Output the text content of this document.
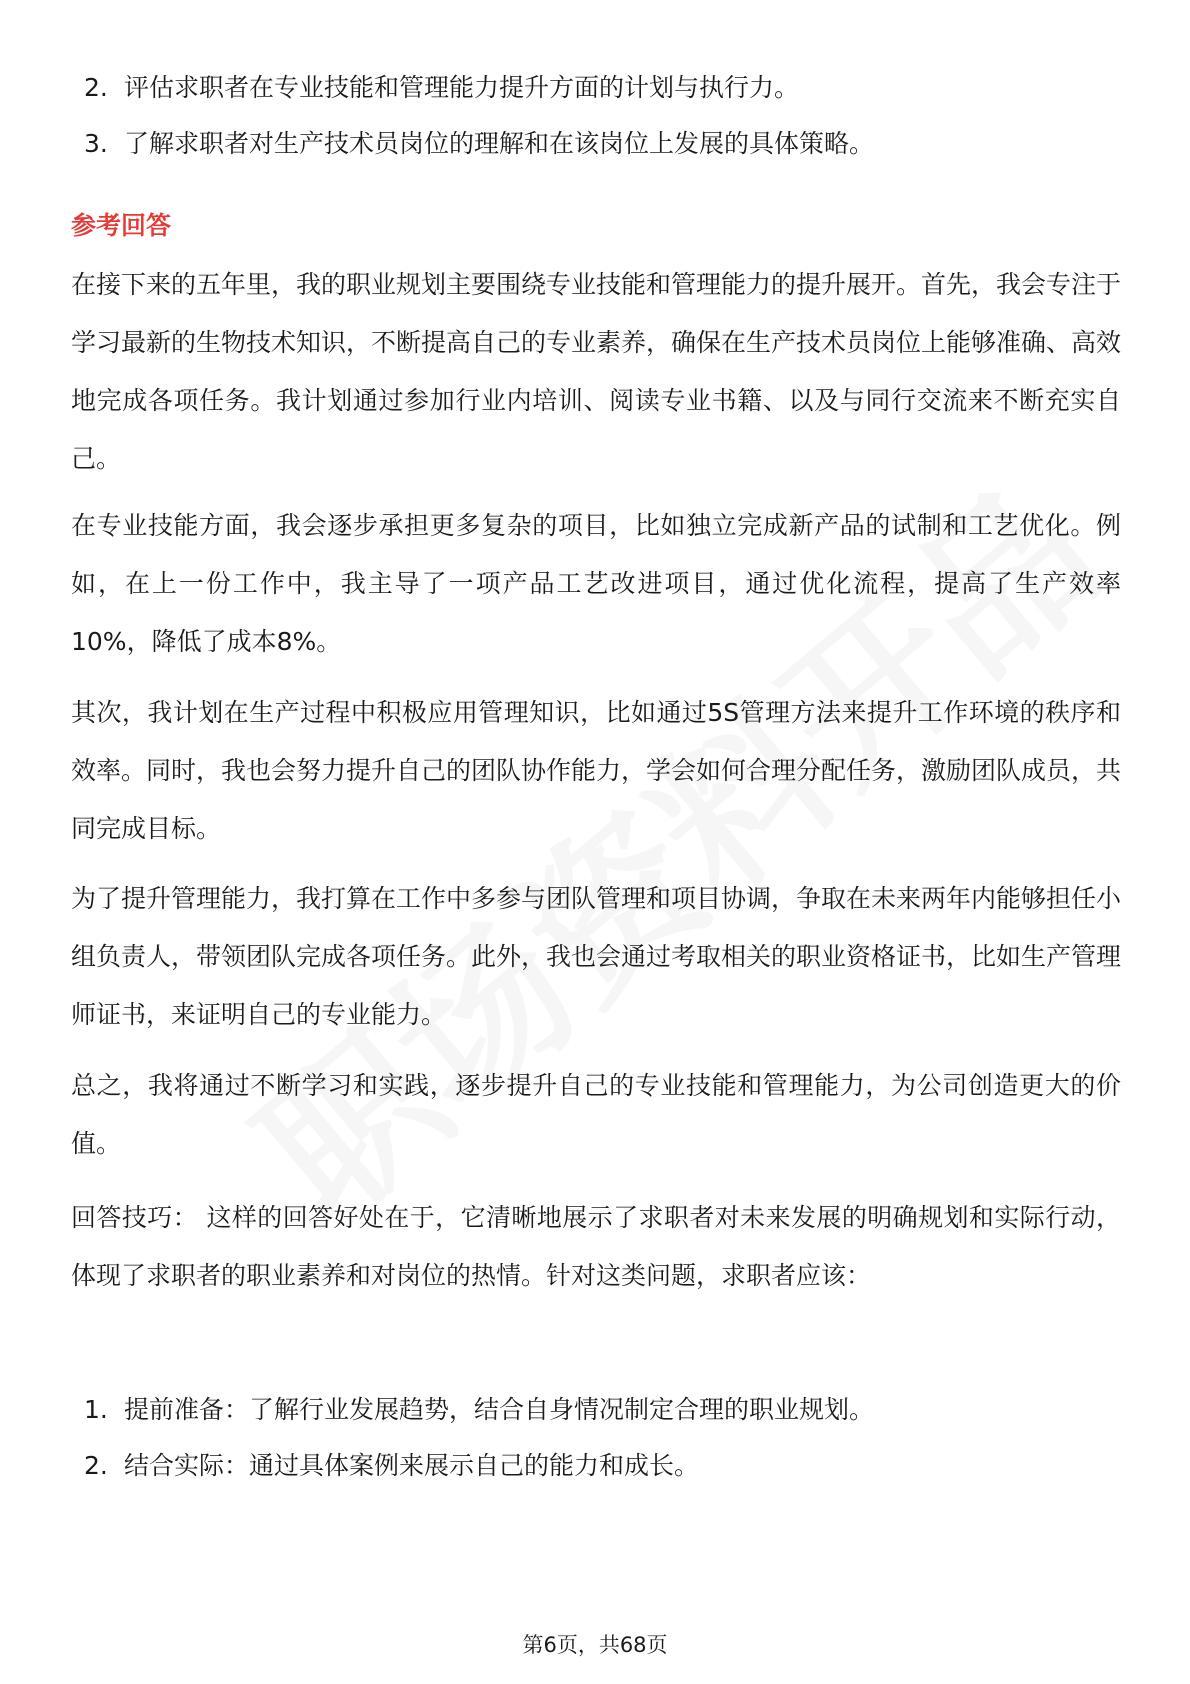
2. 评估求职者在专业技能和管理能力提升方面的计划与执行力。
3. 了解求职者对生产技术员岗位的理解和在该岗位上发展的具体策略。
参考回答

在接下来的五年里，我的职业规划主要围绕专业技能和管理能力的提升展开。首先，我会专注于学习最新的生物技术知识，不断提高自己的专业素养，确保在生产技术员岗位上能够准确、高效地完成各项任务。我计划通过参加行业内培训、阅读专业书籍、以及与同行交流来不断充实自己。

在专业技能方面，我会逐步承担更多复杂的项目，比如独立完成新产品的试制和工艺优化。例如，在上一份工作中，我主导了一项产品工艺改进项目，通过优化流程，提高了生产效率10%，降低了成本8%。

其次，我计划在生产过程中积极应用管理知识，比如通过5S管理方法来提升工作环境的秩序和效率。同时，我也会努力提升自己的团队协作能力，学会如何合理分配任务，激励团队成员，共同完成目标。

为了提升管理能力，我打算在工作中多参与团队管理和项目协调，争取在未来两年内能够担任小组负责人，带领团队完成各项任务。此外，我也会通过考取相关的职业资格证书，比如生产管理师证书，来证明自己的专业能力。

总之，我将通过不断学习和实践，逐步提升自己的专业技能和管理能力，为公司创造更大的价值。

回答技巧： 这样的回答好处在于，它清晰地展示了求职者对未来发展的明确规划和实际行动，体现了求职者的职业素养和对岗位的热情。针对这类问题，求职者应该：

1. 提前准备：了解行业发展趋势，结合自身情况制定合理的职业规划。
2. 结合实际：通过具体案例来展示自己的能力和成长。
第6页，共68页
